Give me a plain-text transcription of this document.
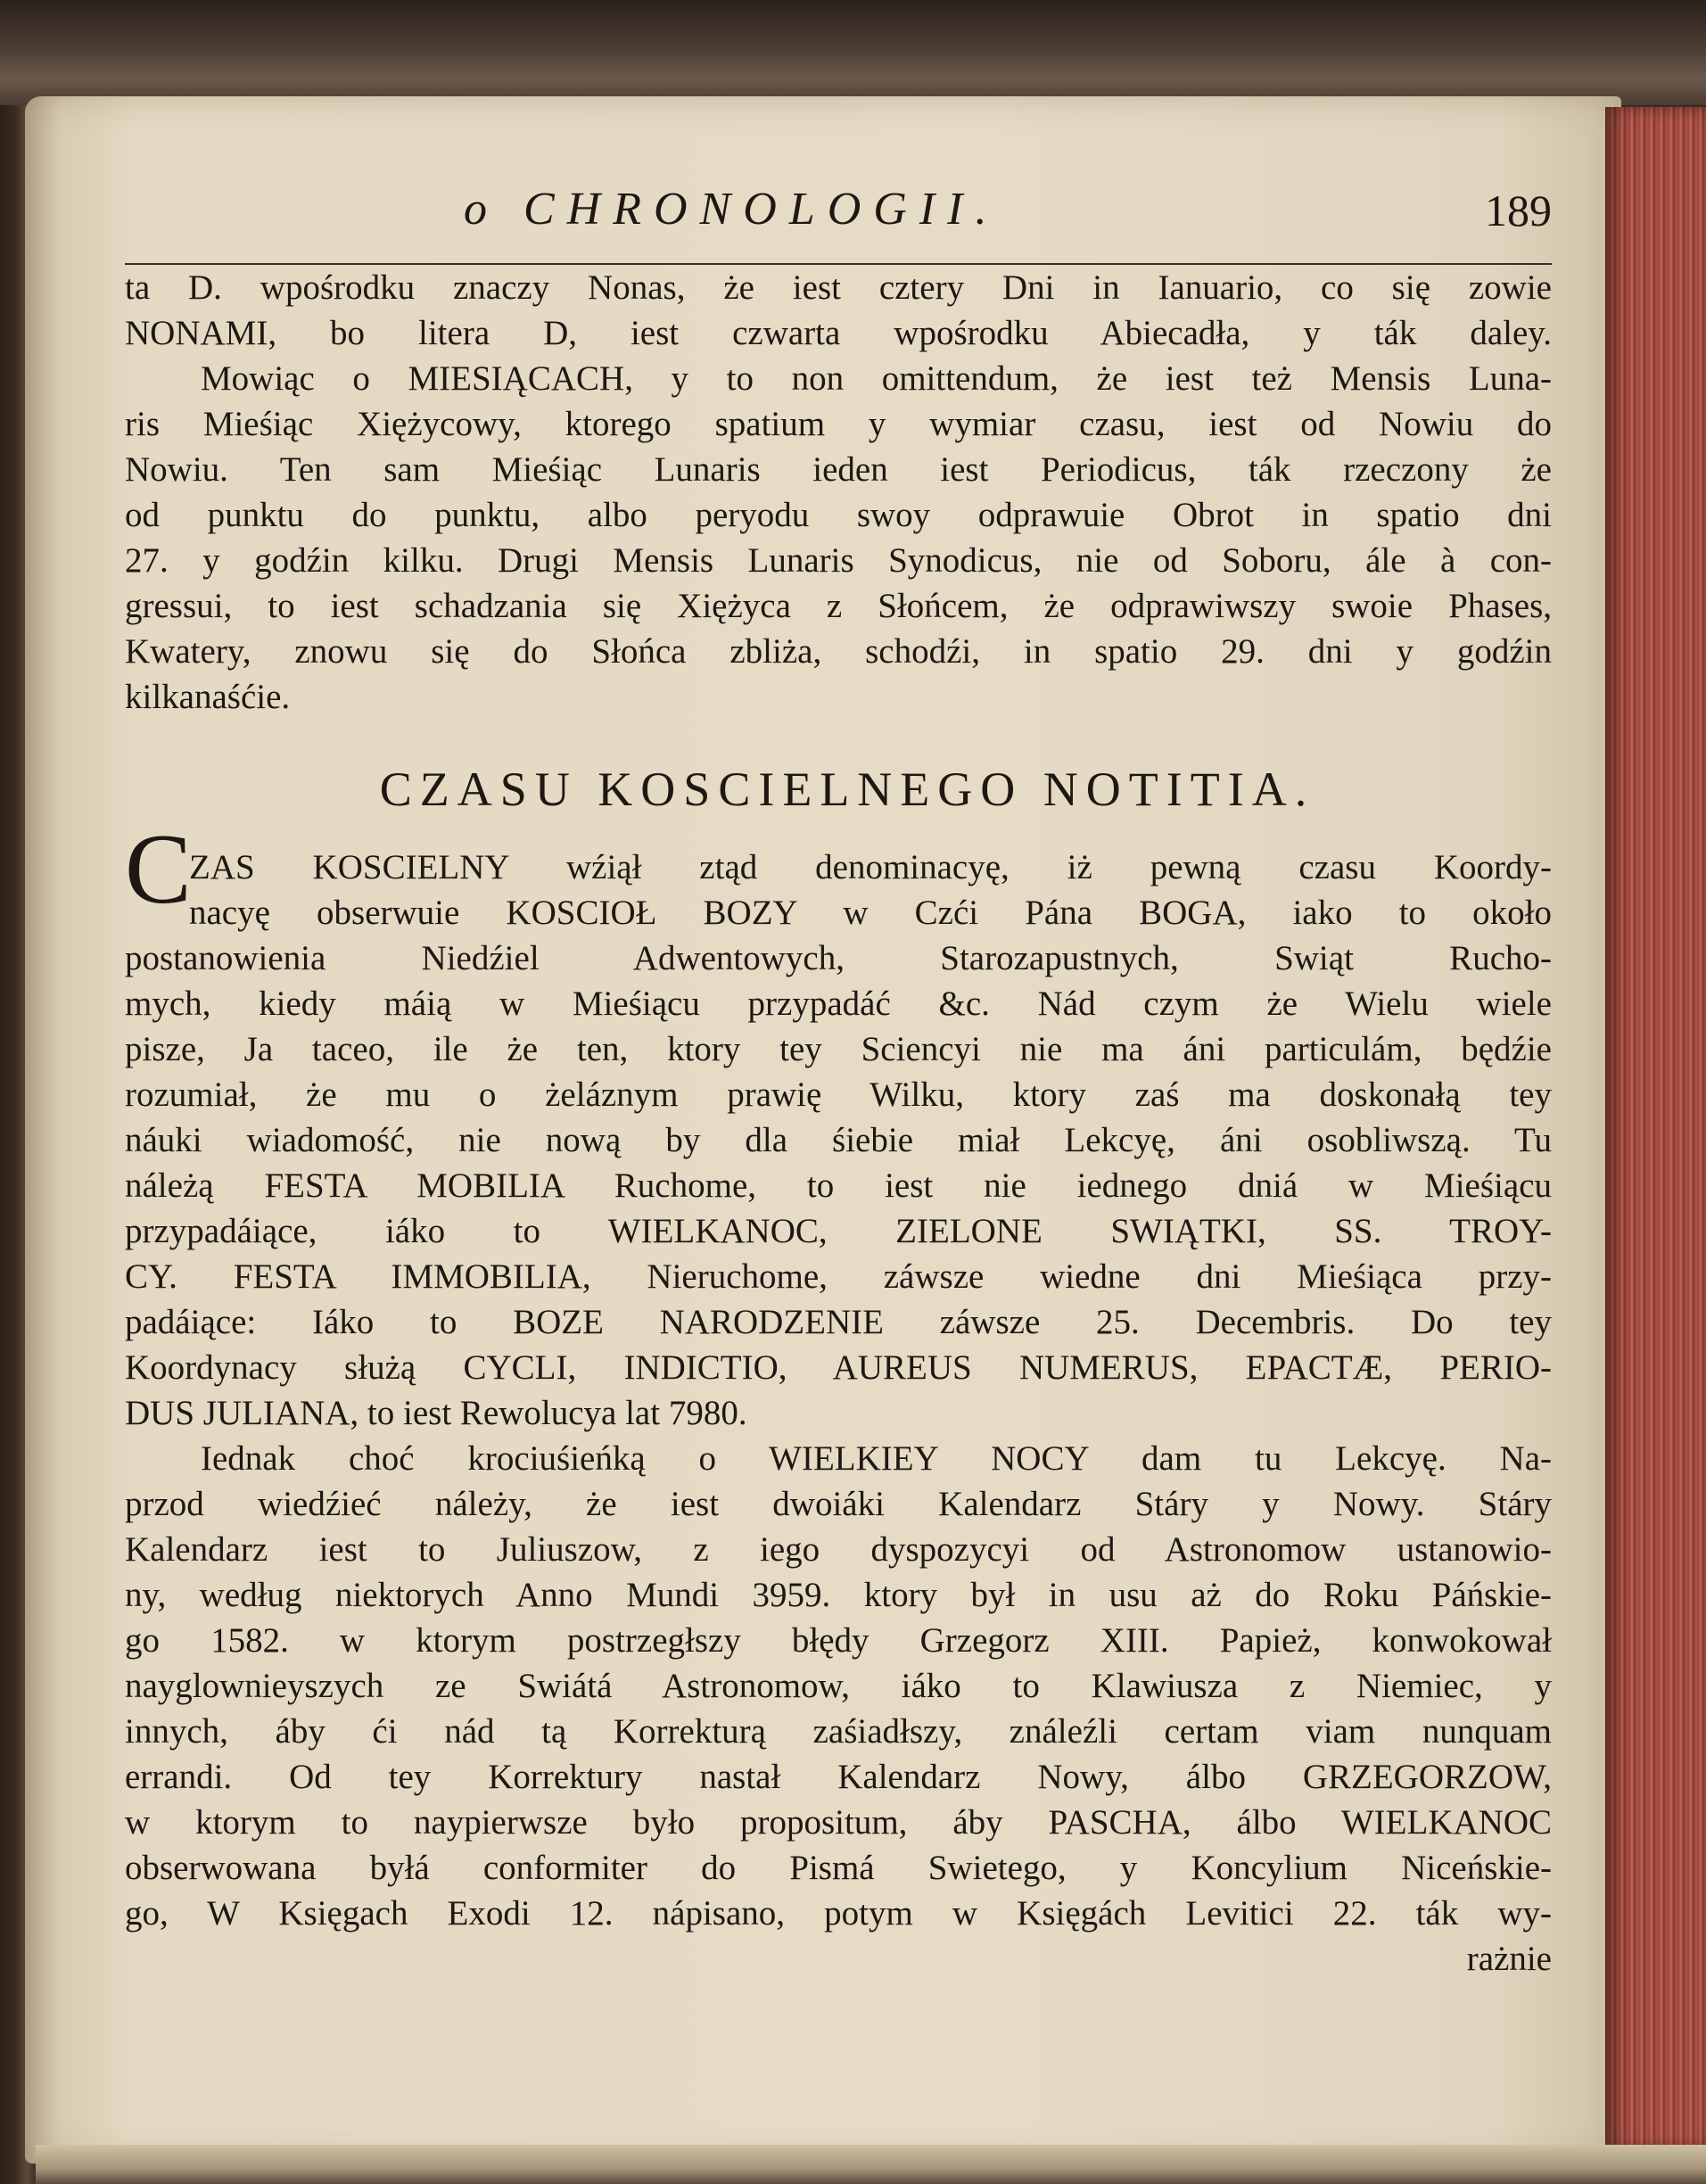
o CHRONOLOGII.	189
ta D. wpośrodku znaczy Nonas, że iest cztery Dni in Ianuario, co się zowie
NONAMI, bo litera D, iest czwarta wpośrodku Abiecadła, y ták daley.
Mowiąc o MIESIĄCACH, y to non omittendum, że iest też Mensis Luna-
ris Mieśiąc Xiężycowy, ktorego spatium y wymiar czasu, iest od Nowiu do
Nowiu. Ten sam Mieśiąc Lunaris ieden iest Periodicus, ták rzeczony że
od punktu do punktu, albo peryodu swoy odprawuie Obrot in spatio dni
27. y godźin kilku. Drugi Mensis Lunaris Synodicus, nie od Soboru, ále à con-
gressui, to iest schadzania się Xiężyca z Słońcem, że odprawiwszy swoie Phases,
Kwatery, znowu się do Słońca zbliża, schodźi, in spatio 29. dni y godźin
kilkanaśćie.
CZASU KOSCIELNEGO NOTITIA.
ZAS KOSCIELNY wźiął ztąd denominacyę, iż pewną czasu Koordy-
nacyę obserwuie KOSCIOŁ BOZY w Czći Pána BOGA, iako to około
postanowienia Niedźiel Adwentowych, Starozapustnych, Swiąt Rucho-
mych, kiedy máią w Mieśiącu przypadáć &c. Nád czym że Wielu wiele
pisze, Ja taceo, ile że ten, ktory tey Sciencyi nie ma áni particulám, będźie
rozumiał, że mu o żeláznym prawię Wilku, ktory zaś ma doskonałą tey
náuki wiadomość, nie nową by dla śiebie miał Lekcyę, áni osobliwszą. Tu
náleżą FESTA MOBILIA Ruchome, to iest nie iednego dniá w Mieśiącu
przypadáiące, iáko to WIELKANOC, ZIELONE SWIĄTKI, SS. TROY-
CY. FESTA IMMOBILIA, Nieruchome, záwsze wiedne dni Mieśiąca przy-
padáiące: Iáko to BOZE NARODZENIE záwsze 25. Decembris. Do tey
Koordynacy służą CYCLI, INDICTIO, AUREUS NUMERUS, EPACTÆ, PERIO-
DUS JULIANA, to iest Rewolucya lat 7980.
Iednak choć krociuśieńką o WIELKIEY NOCY dam tu Lekcyę. Na-
przod wiedźieć náleży, że iest dwoiáki Kalendarz Stáry y Nowy. Stáry
Kalendarz iest to Juliuszow, z iego dyspozycyi od Astronomow ustanowio-
ny, według niektorych Anno Mundi 3959. ktory był in usu aż do Roku Páńskie-
go 1582. w ktorym postrzegłszy błędy Grzegorz XIII. Papież, konwokował
nayglownieyszych ze Swiátá Astronomow, iáko to Klawiusza z Niemiec, y
innych, áby ći nád tą Korrekturą zaśiadłszy, ználeźli certam viam nunquam
errandi. Od tey Korrektury nastał Kalendarz Nowy, álbo GRZEGORZOW,
w ktorym to naypierwsze było propositum, áby PASCHA, álbo WIELKANOC
obserwowana byłá conformiter do Pismá Swietego, y Koncylium Niceńskie-
go, W Księgach Exodi 12. nápisano, potym w Księgách Levitici 22. ták wy-
rażnie
C
